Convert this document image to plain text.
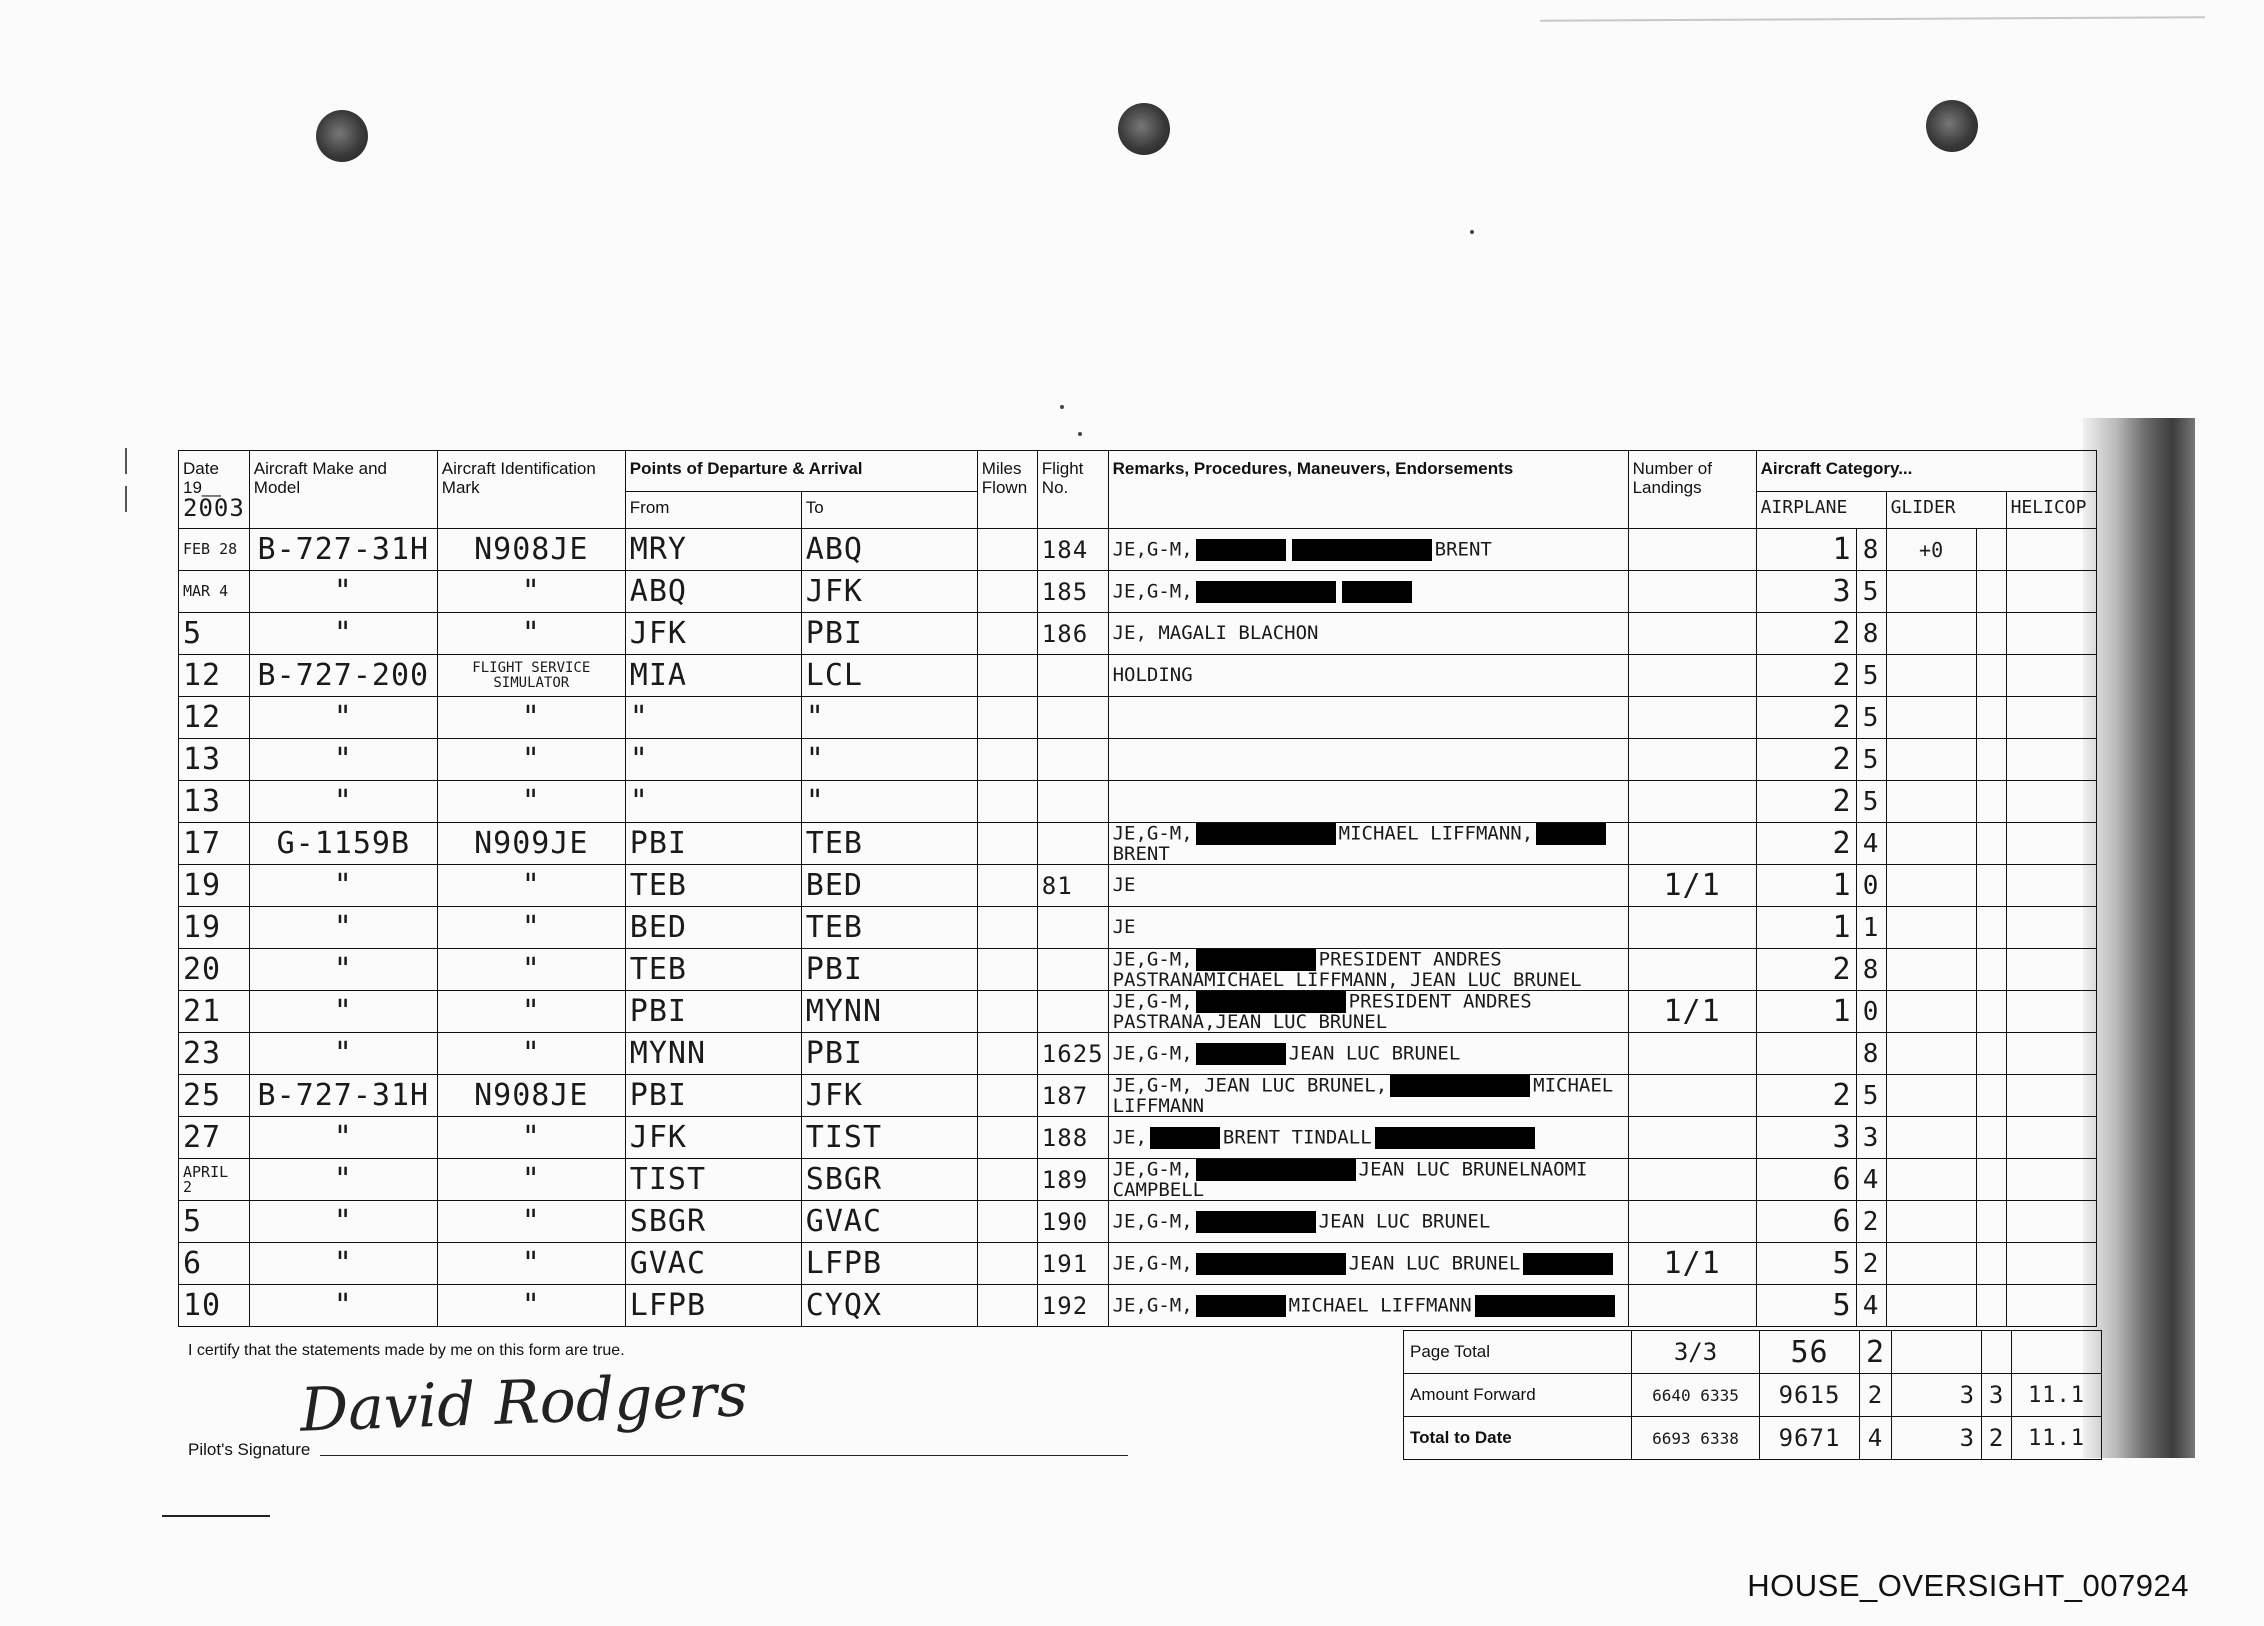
Date
19__
2003	Aircraft Make and Model	Aircraft Identification Mark	Points of Departure & Arrival		Miles Flown	Flight No.	Remarks, Procedures, Maneuvers, Endorsements	Number of Landings	Aircraft Category...				
			From	To					AIRPLANE		GLIDER		HELICOP
FEB 28	B-727-31H	N908JE	MRY	ABQ		184	JE,G-M, BRENT		1	8	+0		
MAR 4	"	"	ABQ	JFK		185	JE,G-M,		3	5			
5	"	"	JFK	PBI		186	JE, MAGALI BLACHON		2	8			
12	B-727-200	FLIGHT SERVICE SIMULATOR	MIA	LCL			HOLDING		2	5			
12	"	"	"	"					2	5			
13	"	"	"	"					2	5			
13	"	"	"	"					2	5			
17	G-1159B	N909JE	PBI	TEB			JE,G-M, MICHAEL LIFFMANN,BRENT		2	4			
19	"	"	TEB	BED		81	JE	1/1	1	0			
19	"	"	BED	TEB			JE		1	1			
20	"	"	TEB	PBI			JE,G-M, PRESIDENT ANDRES PASTRANAMICHAEL LIFFMANN, JEAN LUC BRUNEL		2	8			
21	"	"	PBI	MYNN			JE,G-M, PRESIDENT ANDRES PASTRANA,JEAN LUC BRUNEL	1/1	1	0			
23	"	"	MYNN	PBI		1625	JE,G-M, JEAN LUC BRUNEL			8			
25	B-727-31H	N908JE	PBI	JFK		187	JE,G-M, JEAN LUC BRUNEL, MICHAEL LIFFMANN		2	5			
27	"	"	JFK	TIST		188	JE, BRENT TINDALL		3	3			
APRIL 2	"	"	TIST	SBGR		189	JE,G-M, JEAN LUC BRUNELNAOMI CAMPBELL		6	4			
5	"	"	SBGR	GVAC		190	JE,G-M, JEAN LUC BRUNEL		6	2			
6	"	"	GVAC	LFPB		191	JE,G-M, JEAN LUC BRUNEL	1/1	5	2			
10	"	"	LFPB	CYQX		192	JE,G-M, MICHAEL LIFFMANN		5	4			
I certify that the statements made by me on this form are true.
David Rodgers
Pilot's Signature
Page Total	3/3	56	2			
Amount Forward	6640 6335	9615	2	3	3	11.1
Total to Date	6693 6338	9671	4	3	2	11.1
HOUSE_OVERSIGHT_007924
